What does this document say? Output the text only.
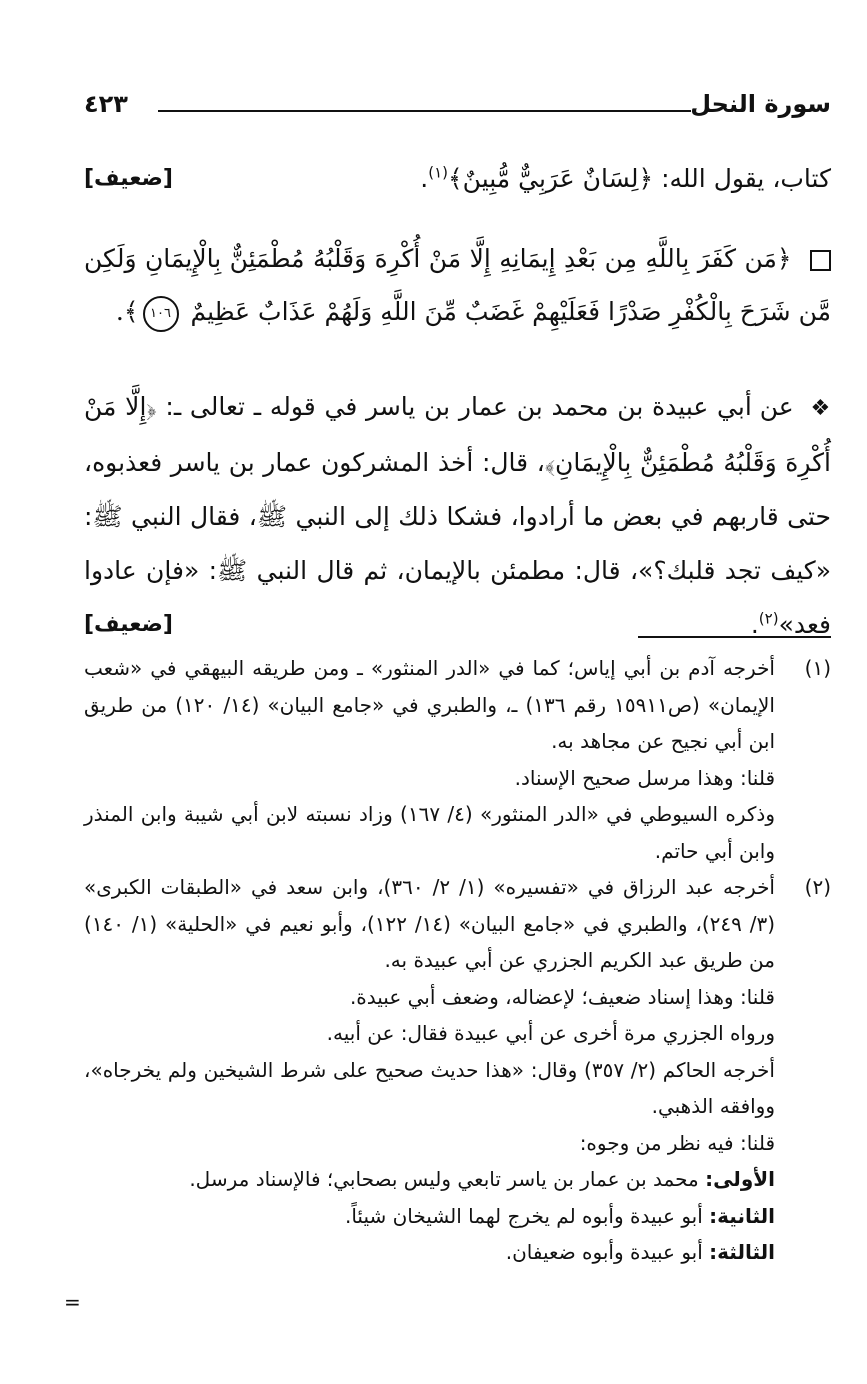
سورة النحل
٤٢٣
[ضعيف]	كتاب، يقول الله: ﴿لِسَانٌ عَرَبِيٌّ مُّبِينٌ﴾$^{(١)}$.
﴿مَن كَفَرَ بِاللَّهِ مِن بَعْدِ إِيمَانِهِ إِلَّا مَنْ أُكْرِهَ وَقَلْبُهُ مُطْمَئِنٌّ بِالْإِيمَانِ وَلَكِن مَّن شَرَحَ بِالْكُفْرِ صَدْرًا فَعَلَيْهِمْ غَضَبٌ مِّنَ اللَّهِ وَلَهُمْ عَذَابٌ عَظِيمٌ ١٠٦﴾.
❖ عن أبي عبيدة بن محمد بن عمار بن ياسر في قوله ـ تعالى ـ: ﴿إِلَّا مَنْ أُكْرِهَ وَقَلْبُهُ مُطْمَئِنٌّ بِالْإِيمَانِ﴾، قال: أخذ المشركون عمار بن ياسر فعذبوه، حتى قاربهم في بعض ما أرادوا، فشكا ذلك إلى النبي ﷺ، فقال النبي ﷺ: «كيف تجد قلبك؟»، قال: مطمئن بالإيمان، ثم قال النبي ﷺ: «فإن عادوا فعد»$^{(٢)}$.
[ضعيف]
(١)

أخرجه آدم بن أبي إياس؛ كما في «الدر المنثور» ـ ومن طريقه البيهقي في «شعب الإيمان» (ص١٥٩١١ رقم ١٣٦) ـ، والطبري في «جامع البيان» (١٤/ ١٢٠) من طريق ابن أبي نجيح عن مجاهد به.

قلنا: وهذا مرسل صحيح الإسناد.

وذكره السيوطي في «الدر المنثور» (٤/ ١٦٧) وزاد نسبته لابن أبي شيبة وابن المنذر وابن أبي حاتم.

(٢)

أخرجه عبد الرزاق في «تفسيره» (١/ ٢/ ٣٦٠)، وابن سعد في «الطبقات الكبرى» (٣/ ٢٤٩)، والطبري في «جامع البيان» (١٤/ ١٢٢)، وأبو نعيم في «الحلية» (١/ ١٤٠) من طريق عبد الكريم الجزري عن أبي عبيدة به.

قلنا: وهذا إسناد ضعيف؛ لإعضاله، وضعف أبي عبيدة.

ورواه الجزري مرة أخرى عن أبي عبيدة فقال: عن أبيه.

أخرجه الحاكم (٢/ ٣٥٧) وقال: «هذا حديث صحيح على شرط الشيخين ولم يخرجاه»، ووافقه الذهبي.

قلنا: فيه نظر من وجوه:

الأولى: محمد بن عمار بن ياسر تابعي وليس بصحابي؛ فالإسناد مرسل.

الثانية: أبو عبيدة وأبوه لم يخرج لهما الشيخان شيئاً.

الثالثة: أبو عبيدة وأبوه ضعيفان.

=
